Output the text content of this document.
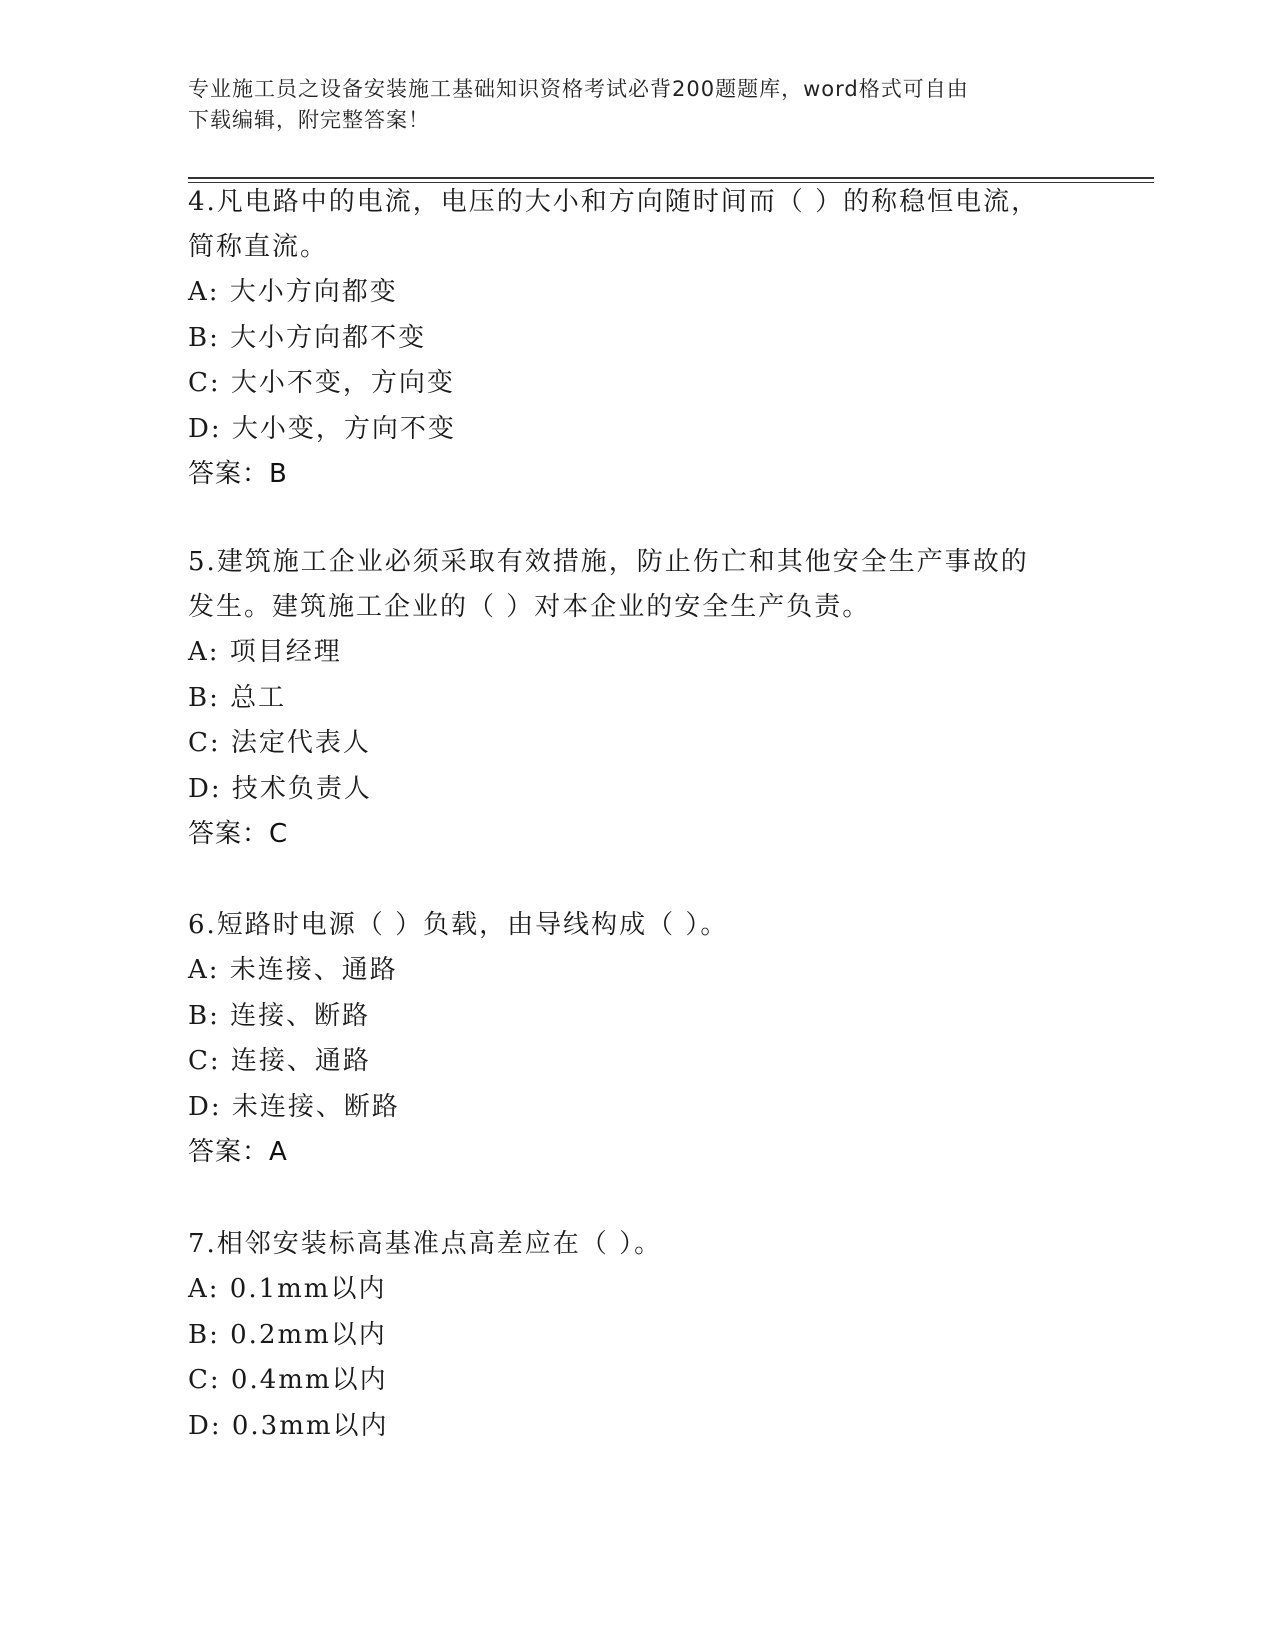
专业施工员之设备安装施工基础知识资格考试必背200题题库，word格式可自由
下载编辑，附完整答案！
4.凡电路中的电流，电压的大小和方向随时间而（ ）的称稳恒电流，
简称直流。
A: 大小方向都变
B: 大小方向都不变
C: 大小不变，方向变
D: 大小变，方向不变
答案：B
5.建筑施工企业必须采取有效措施，防止伤亡和其他安全生产事故的
发生。建筑施工企业的（ ）对本企业的安全生产负责。
A: 项目经理
B: 总工
C: 法定代表人
D: 技术负责人
答案：C
6.短路时电源（ ）负载，由导线构成（ ）。
A: 未连接、通路
B: 连接、断路
C: 连接、通路
D: 未连接、断路
答案：A
7.相邻安装标高基准点高差应在（ ）。
A: 0.1mm以内
B: 0.2mm以内
C: 0.4mm以内
D: 0.3mm以内
